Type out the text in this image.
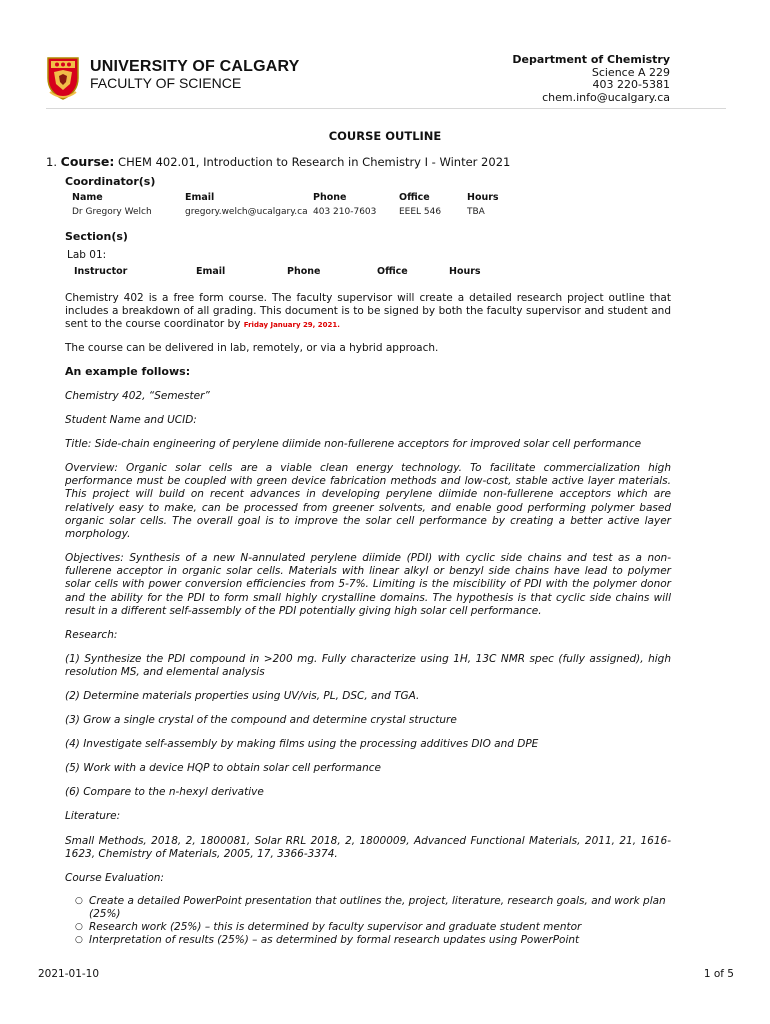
UNIVERSITY OF CALGARY
FACULTY OF SCIENCE
Department of Chemistry
Science A 229
403 220-5381
chem.info@ucalgary.ca
COURSE OUTLINE
1. Course: CHEM 402.01, Introduction to Research in Chemistry I - Winter 2021
Coordinator(s)
Name	Email	Phone	Office	Hours
Dr Gregory Welch	gregory.welch@ucalgary.ca 403 210-7603	EEEL 546	TBA
Section(s)
Lab 01:
Instructor	Email	Phone	Office	Hours
Chemistry 402 is a free form course. The faculty supervisor will create a detailed research project outline that includes a breakdown of all grading. This document is to be signed by both the faculty supervisor and student and sent to the course coordinator by Friday January 29, 2021.
The course can be delivered in lab, remotely, or via a hybrid approach.
An example follows:
Chemistry 402, “Semester”
Student Name and UCID:
Title: Side-chain engineering of perylene diimide non-fullerene acceptors for improved solar cell performance
Overview: Organic solar cells are a viable clean energy technology. To facilitate commercialization high performance must be coupled with green device fabrication methods and low-cost, stable active layer materials. This project will build on recent advances in developing perylene diimide non-fullerene acceptors which are relatively easy to make, can be processed from greener solvents, and enable good performing polymer based organic solar cells. The overall goal is to improve the solar cell performance by creating a better active layer morphology.
Objectives: Synthesis of a new N-annulated perylene diimide (PDI) with cyclic side chains and test as a non-fullerene acceptor in organic solar cells. Materials with linear alkyl or benzyl side chains have lead to polymer solar cells with power conversion efficiencies from 5-7%. Limiting is the miscibility of PDI with the polymer donor and the ability for the PDI to form small highly crystalline domains. The hypothesis is that cyclic side chains will result in a different self-assembly of the PDI potentially giving high solar cell performance.
Research:
(1) Synthesize the PDI compound in >200 mg. Fully characterize using 1H, 13C NMR spec (fully assigned), high resolution MS, and elemental analysis
(2) Determine materials properties using UV/vis, PL, DSC, and TGA.
(3) Grow a single crystal of the compound and determine crystal structure
(4) Investigate self-assembly by making films using the processing additives DIO and DPE
(5) Work with a device HQP to obtain solar cell performance
(6) Compare to the n-hexyl derivative
Literature:
Small Methods, 2018, 2, 1800081, Solar RRL 2018, 2, 1800009, Advanced Functional Materials, 2011, 21, 1616-1623, Chemistry of Materials, 2005, 17, 3366-3374.
Course Evaluation:
○ Create a detailed PowerPoint presentation that outlines the, project, literature, research goals, and work plan (25%)
○ Research work (25%) – this is determined by faculty supervisor and graduate student mentor
○ Interpretation of results (25%) – as determined by formal research updates using PowerPoint
2021-01-10	1 of 5
